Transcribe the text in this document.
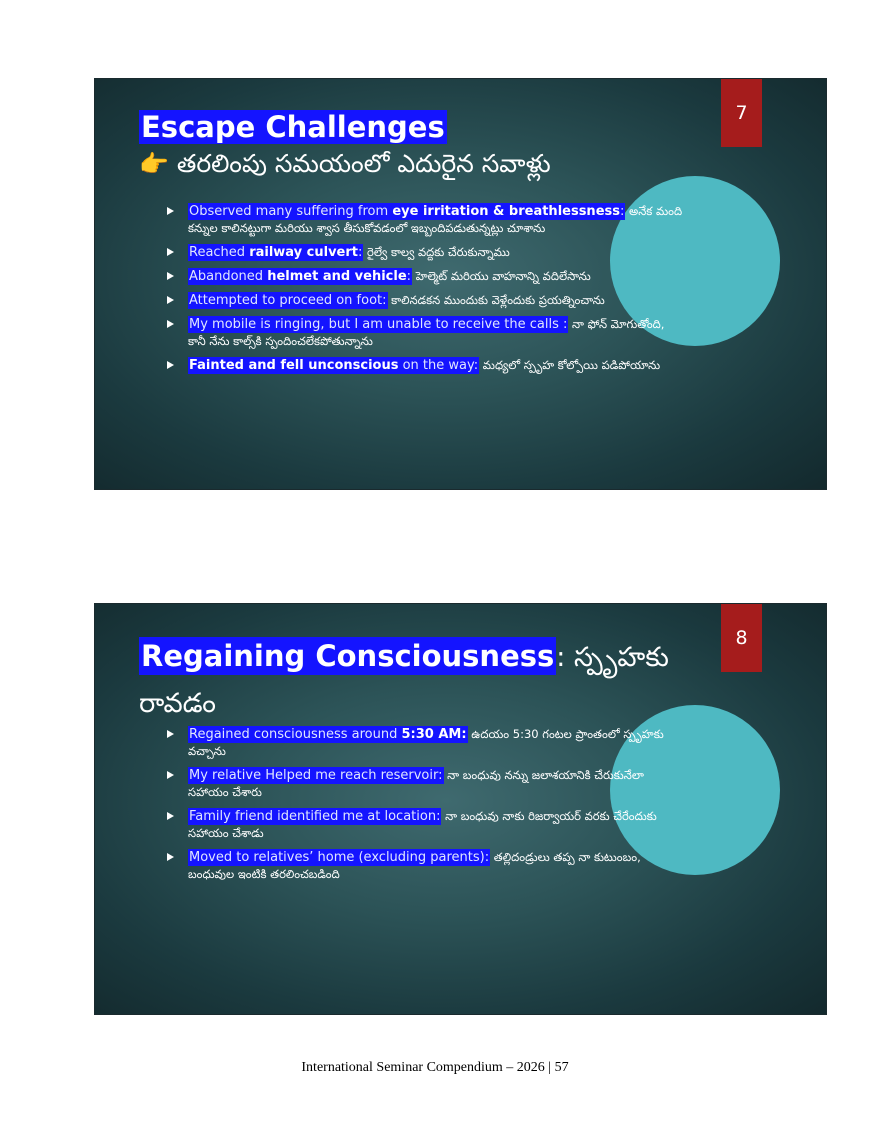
7
Escape Challenges
👉 తరలింపు సమయంలో ఎదురైన సవాళ్లు
Observed many suffering from eye irritation & breathlessness: అనేక మంది కన్నుల కాలినట్టుగా మరియు శ్వాస తీసుకోవడంలో ఇబ్బందిపడుతున్నట్లు చూశాను
Reached railway culvert: రైల్వే కాల్వ వద్దకు చేరుకున్నాము
Abandoned helmet and vehicle: హెల్మెట్ మరియు వాహనాన్ని వదిలేసాను
Attempted to proceed on foot: కాలినడకన ముందుకు వెళ్లేందుకు ప్రయత్నించాను
My mobile is ringing, but I am unable to receive the calls : నా ఫోన్ మోగుతోంది, కానీ నేను కాల్స్‌కి స్పందించలేకపోతున్నాను
Fainted and fell unconscious on the way: మధ్యలో స్పృహ కోల్పోయి పడిపోయాను
8
Regaining Consciousness: స్పృహకు రావడం
Regained consciousness around 5:30 AM: ఉదయం 5:30 గంటల ప్రాంతంలో స్పృహకు వచ్చాను
My relative Helped me reach reservoir: నా బంధువు నన్ను జలాశయానికి చేరుకునేలా సహాయం చేశారు
Family friend identified me at location: నా బంధువు నాకు రిజర్వాయర్ వరకు చేరేందుకు సహాయం చేశాడు
Moved to relatives’ home (excluding parents): తల్లిదండ్రులు తప్ప నా కుటుంబం, బంధువుల ఇంటికి తరలించబడింది
International Seminar Compendium – 2026 | 57
